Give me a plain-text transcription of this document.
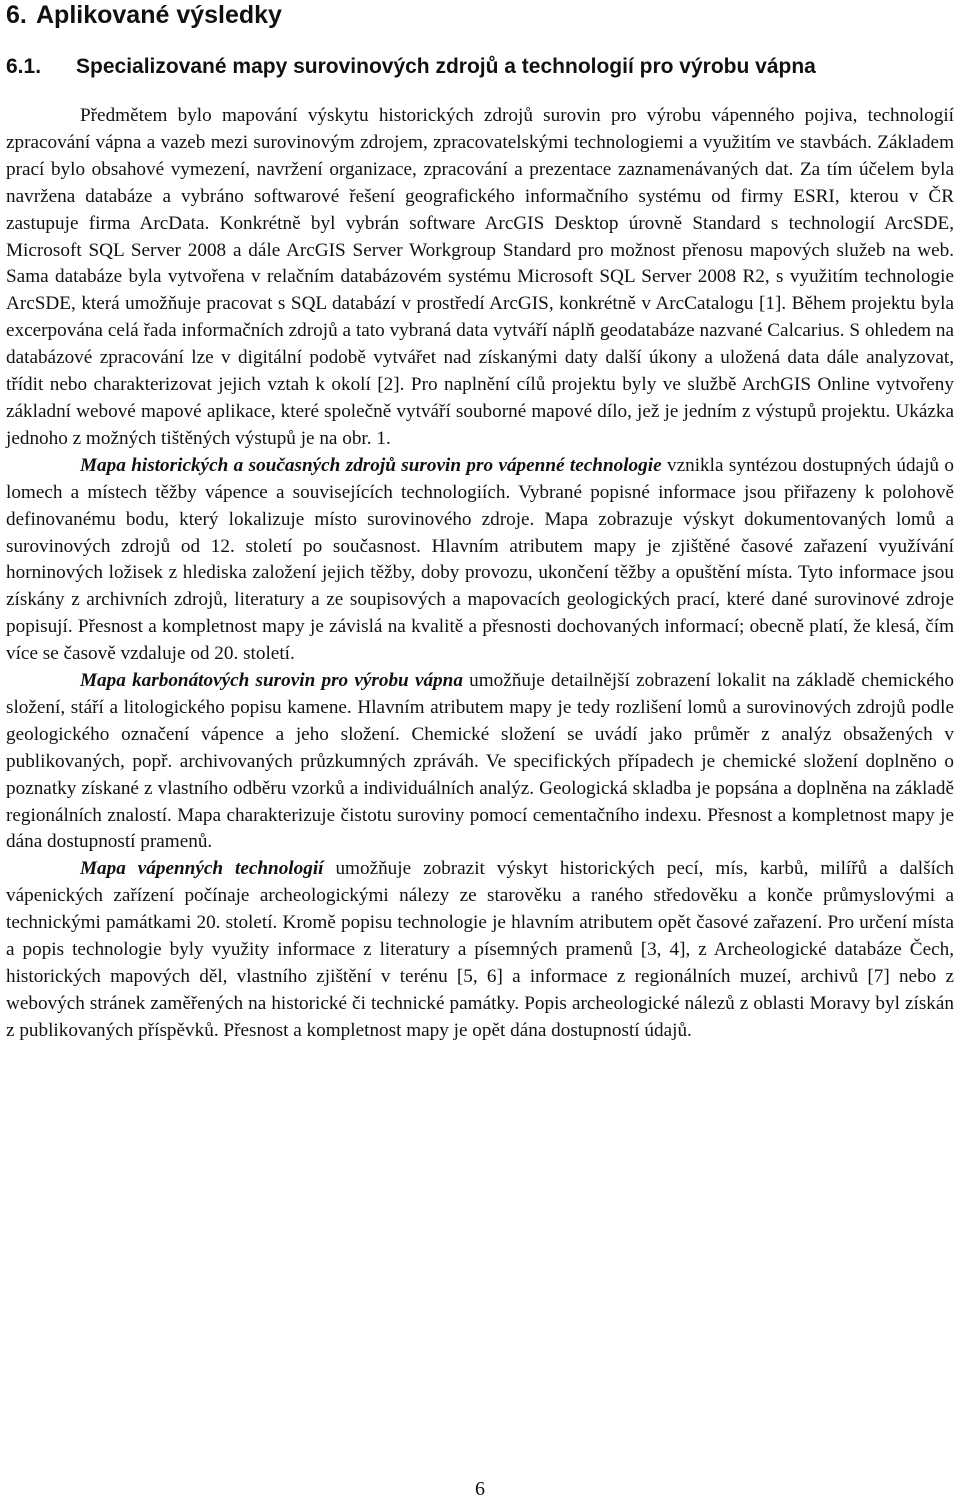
6. Aplikované výsledky
6.1. Specializované mapy surovinových zdrojů a technologií pro výrobu vápna

Předmětem bylo mapování výskytu historických zdrojů surovin pro výrobu vápenného pojiva, technologií zpracování vápna a vazeb mezi surovinovým zdrojem, zpracovatelskými technologiemi a využitím ve stavbách. Základem prací bylo obsahové vymezení, navržení organizace, zpracování a prezentace zaznamenávaných dat. Za tím účelem byla navržena databáze a vybráno softwarové řešení geografického informačního systému od firmy ESRI, kterou v ČR zastupuje firma ArcData. Konkrétně byl vybrán software ArcGIS Desktop úrovně Standard s technologií ArcSDE, Microsoft SQL Server 2008 a dále ArcGIS Server Workgroup Standard pro možnost přenosu mapových služeb na web. Sama databáze byla vytvořena v relačním databázovém systému Microsoft SQL Server 2008 R2, s využitím technologie ArcSDE, která umožňuje pracovat s SQL databází v prostředí ArcGIS, konkrétně v ArcCatalogu [1]. Během projektu byla excerpována celá řada informačních zdrojů a tato vybraná data vytváří náplň geodatabáze nazvané Calcarius. S ohledem na databázové zpracování lze v digitální podobě vytvářet nad získanými daty další úkony a uložená data dále analyzovat, třídit nebo charakterizovat jejich vztah k okolí [2]. Pro naplnění cílů projektu byly ve službě ArchGIS Online vytvořeny základní webové mapové aplikace, které společně vytváří souborné mapové dílo, jež je jedním z výstupů projektu. Ukázka jednoho z možných tištěných výstupů je na obr. 1.

Mapa historických a současných zdrojů surovin pro vápenné technologie vznikla syntézou dostupných údajů o lomech a místech těžby vápence a souvisejících technologiích. Vybrané popisné informace jsou přiřazeny k polohově definovanému bodu, který lokalizuje místo surovinového zdroje. Mapa zobrazuje výskyt dokumentovaných lomů a surovinových zdrojů od 12. století po současnost. Hlavním atributem mapy je zjištěné časové zařazení využívání horninových ložisek z hlediska založení jejich těžby, doby provozu, ukončení těžby a opuštění místa. Tyto informace jsou získány z archivních zdrojů, literatury a ze soupisových a mapovacích geologických prací, které dané surovinové zdroje popisují. Přesnost a kompletnost mapy je závislá na kvalitě a přesnosti dochovaných informací; obecně platí, že klesá, čím více se časově vzdaluje od 20. století.

Mapa karbonátových surovin pro výrobu vápna umožňuje detailnější zobrazení lokalit na základě chemického složení, stáří a litologického popisu kamene. Hlavním atributem mapy je tedy rozlišení lomů a surovinových zdrojů podle geologického označení vápence a jeho složení. Chemické složení se uvádí jako průměr z analýz obsažených v publikovaných, popř. archivovaných průzkumných zpráváh. Ve specifických případech je chemické složení doplněno o poznatky získané z vlastního odběru vzorků a individuálních analýz. Geologická skladba je popsána a doplněna na základě regionálních znalostí. Mapa charakterizuje čistotu suroviny pomocí cementačního indexu. Přesnost a kompletnost mapy je dána dostupností pramenů.

Mapa vápenných technologií umožňuje zobrazit výskyt historických pecí, mís, karbů, milířů a dalších vápenických zařízení počínaje archeologickými nálezy ze starověku a raného středověku a konče průmyslovými a technickými památkami 20. století. Kromě popisu technologie je hlavním atributem opět časové zařazení. Pro určení místa a popis technologie byly využity informace z literatury a písemných pramenů [3, 4], z Archeologické databáze Čech, historických mapových děl, vlastního zjištění v terénu [5, 6] a informace z regionálních muzeí, archivů [7] nebo z webových stránek zaměřených na historické či technické památky. Popis archeologické nálezů z oblasti Moravy byl získán z publikovaných příspěvků. Přesnost a kompletnost mapy je opět dána dostupností údajů.

6
